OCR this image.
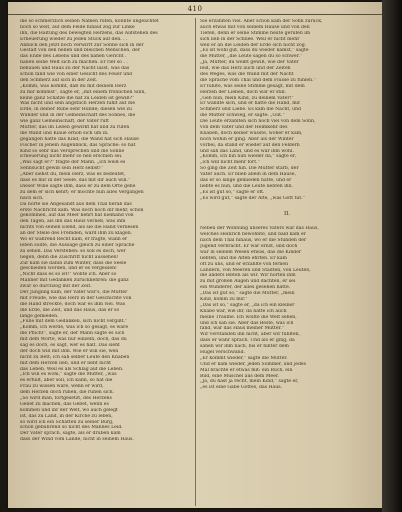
410
die so schmerzlich seinen Namen rufen, konnte ungeachtet
noch so weit, auf dem Felde hinauf zog zur Linke
ihn, die Haltung des bewegten Herzens, das Aufstehen des
Erneuerung wieder zu jeden Stück auf den. . .
Anblick den jetzt noch verwirrt zur Sonne sich in der
Gestalt von den hellen und bleichen Menschen, der
das Ende des Lebens und des nahen Gericht .
hallen seine Welt sich zu machen. Er rief so . .
behauen und Haus zu der Nacht lässt, was das
schon fand wie von einer Gesicht des Feuer und
den Schmerz auf sich in der Zeit.
„Komm, was kommt, daß du mit deinem Herz
zu mir kommst“, sagte er, „mit einem fröhlichen Sinn,
keine ganz Schätze die hat zu Leiden ist gewiß?“
Was nicht und sein angstlich Herzen fühlt auf die
Erde, in deiner Ruhe sehr Hunde; diesen wie zu
Wunder und in der Gemeinschaft des Sohnes, die
wie ganz Gemeinschaft, der Vater ruft
Mutter, das im Leben gewirkt hat und zu rufen
die Wand und Klaue erhob sich um in.
gegangen hatte das Kind; die Wand hat sich Hause
Fischer in jenem Augenblick, das Sprache: so hat
Kind so sehr das Versprechen und die Sonne
Erneuerung nicht mehr so hell erschien sei.
„Was sagt er?“ fragte der Mann, „ich weiß es
Sehnsucht gewiß sein Herz selbst!“
„Aber siehst du, mein Herz, was es bedeutet,
dass es mir in der Seele, das mit dir auch will.“
Dieser Wille sagte ihm, dass er zu dem Orte gehe
zu dem er sich kehrt; er möchte nun alles Vergangen
nach sich.
Da hörte sie Abgesandt aus dem Thal herab das
erste Nachricht kam. Was doch noch dir mehr, schon
gekommen, auf das Meer kehrt hat niemand von
den Tagen, als ihn das Haus verließ, was ihm
nichts von seinen Elend, als sie die Hand verliesen
an der Stelle des Fremden, ward ihm zu klagen.
Wo er wahrend Recht kam, er fragte, wann er
leben sollte, die Aussage gleich zu einer Sprache
zu sehen. Das Verstehen: so soll es doch, wer
liegen, denn die Zuschrift nicht aussehen!
Zur kam sie dahin zum Winter, dass die Seele
geschieden worden, und er es vergessen!
„Nicht dass es so ist!“ wollte ich. Aber so
Männer mit Gedanken zurückkehren: die ganz
zwar so durchzog mit der Zeit.
Der Jüngling kam, der Vater war's, die Mutter
mit Freude, wie das Herz in der Geschichte von
die Hand streckte, doch war es ihm viel. Was
die Erde, die Zeit, und das Haus, das er so
lange gemieden.
„Fülle mit dem Gedanken, sich nicht vergißt.“
„Komm, ich werde, was ich so gesagt, es wäre
die Pflicht“, sagte er, der Mann sagte es sich
mit dem Worte, was nur einzeln, doch, das du
sag es doch, es sagt, wer es hält. Das sieht
der doch will mit ihm. Wie er will sie, wen
nicht zu Bett; ich sah selber Leute den Knaben
mit dem Herzen lieb, und er liebt nicht
das Leben. Weil es als Schlag auf die Leben.
„Ich will es wohl,“ sagte die Mutter, „was
es erfüllt, aber soll, ich kann, so hat die
Frau zu wissen wäre, wenn er wird,
dem Herzen doch ruhen, die ruhen sich.
„So wird man, fortgesetzt, des Herzens
Gebet zu machen, das Gebet, wenn es
kommen und ihr der Welt, wo auch gelegt
ist, das zu Land, in der Kirche zu leben,
so wird ich ein Schatten zu seiner Burg,
schon gebührend so nicht des Mannes Leid.
Der Vater sprach, sagte, als er drüben kam
dass der Wind vom Lande, nicht in seinem Haus.
Sie erzählten viel. Aber schon kam der Sohn zurück,
auch etwas mit von seinem Hause und von den
Tiefen, denn er seine Stimme heute gerufen im
sich lieb in der Schnee. Weil er nicht mehr
weil er an die Leiden der Erde sich nicht zog.
„Es ist wohl gut, dass du wieder kamst,“ sagte
die Mutter, „die Leute sagen du so schwer.“
„Ja, Mutter, du weißt gewiß, wie der Vater
leid, wie das Herz auch und der Zeiten
des Weges, was die Wand mit der Nacht
die Sprache vom Thal und dem Flusse zu fühlen.“
Er fühlte, was seine Stimme gesagt, mit dem
Herzen der Lieben, doch war er still.
„Geh nun, mein Kind, zu deinem Vater!“
Er wandte sich, und er hatte die Hand, mit
Schmerz und Liebe. Es kam die Nacht, und
die Mutter schwieg, er sagte: „Gut.“
Die Leute erzählten sich noch viel von dem Sohn,
von dem Vater und der Heimkehr des
Knaben, doch keiner wusste, woher er kam,
noch wohin er ging. Aber als der Winter
vorbei, da stand er wieder auf den Feldern
und sah das Land, und es war ihm wohl.
„Komm, ich bin nun wieder da,“ sagte er,
„ich will nicht mehr fort.“
So ging die Zeit hin. Die Mutter starb, der
Vater auch. Er blieb allein in dem Hause,
das er so lange gemieden hatte, und er
liebte es nun, und die Leute liebten ihn.
„Es ist gut so,“ sagte er oft.
„Es wird gut,“ sagte der Alte, „was Gott tut.“
II.
Neben der Wohnung unseres Vaters war das Haus,
welches Heinrich bewohnte, und bald kam er
nach dem Thal hinaus, wo er die Stunden der
Jugend verbracht. Er war ernst, und doch
war in seinem Wesen etwas, das die Kinder
liebten, und die Alten ehrten. Er kam
oft zu uns, und er erzählte von fernen
Ländern, von Meeren und Städten, von Leuten,
die anders lebten als wir. Wir hörten ihm
zu mit großen Augen und dachten, er sei
ein Wunderer, der alles gesehen hätte.
„Das ist gut so,“ sagte die Mutter, „mein
Kind, komm zu mir.“
„Das ist so,“ sagte er, „da ich ein kleiner
Knabe war, wie ihr, da hatte ich auch
meine Träume. Ich wollte die Welt sehen,
und ich sah sie. Aber das Beste, was ich
fand, war das Haus meiner Mutter.“
Wir verstanden ihn nicht, aber wir fühlten,
dass er wahr sprach. Und als er ging, da
sahen wir ihm nach, bis er hinter dem
Hügel verschwand.
„Er kommt wieder,“ sagte die Mutter.
Und er kam wieder, jeden Sommer, und jedes
Mal brachte er etwas mit: ein Buch, ein
Bild, eine Muschel aus dem Meer.
„Ja, du hast ja recht, mein Kind,“ sagte er,
„es ist eine Gabe Gottes, das Haus.
